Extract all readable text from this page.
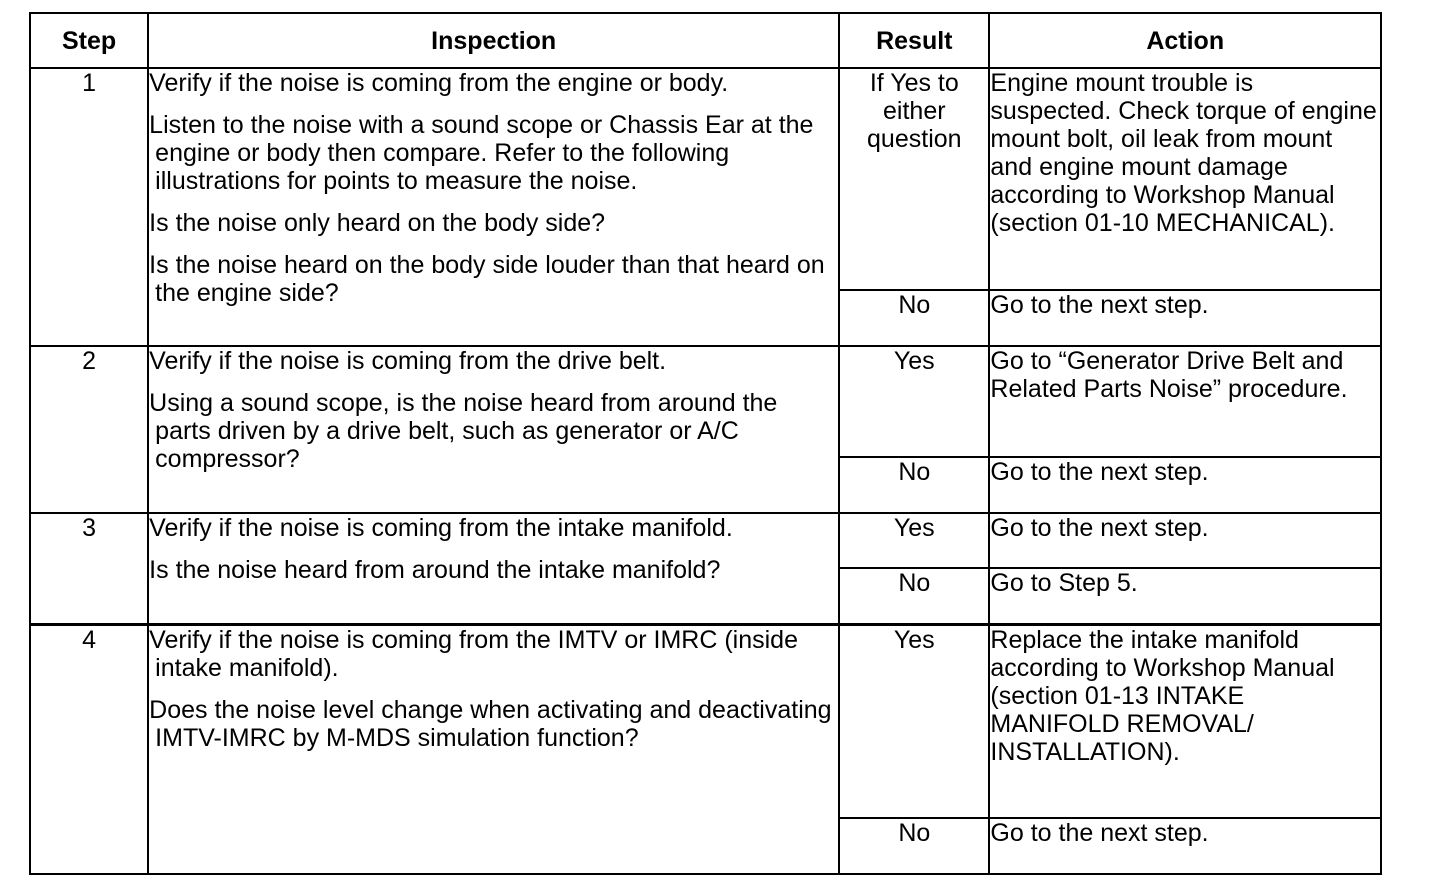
Step	Inspection	Result	Action
1	Verify if the noise is coming from the engine or body.

Listen to the noise with a sound scope or Chassis Ear at the engine or body then compare. Refer to the following illustrations for points to measure the noise.

Is the noise only heard on the body side?

Is the noise heard on the body side louder than that heard on the engine side?	If Yes to either question	Engine mount trouble is suspected. Check torque of engine mount bolt, oil leak from mount and engine mount damage according to Workshop Manual (section 01-10 MECHANICAL).
		No	Go to the next step.
2	Verify if the noise is coming from the drive belt.

Using a sound scope, is the noise heard from around the parts driven by a drive belt, such as generator or A/C compressor?	Yes	Go to “Generator Drive Belt and Related Parts Noise” procedure.
		No	Go to the next step.
3	Verify if the noise is coming from the intake manifold.

Is the noise heard from around the intake manifold?	Yes	Go to the next step.
		No	Go to Step 5.
4	Verify if the noise is coming from the IMTV or IMRC (inside intake manifold).

Does the noise level change when activating and deactivating IMTV-IMRC by M-MDS simulation function?	Yes	Replace the intake manifold according to Workshop Manual (section 01-13 INTAKE MANIFOLD REMOVAL/ INSTALLATION).
		No	Go to the next step.
